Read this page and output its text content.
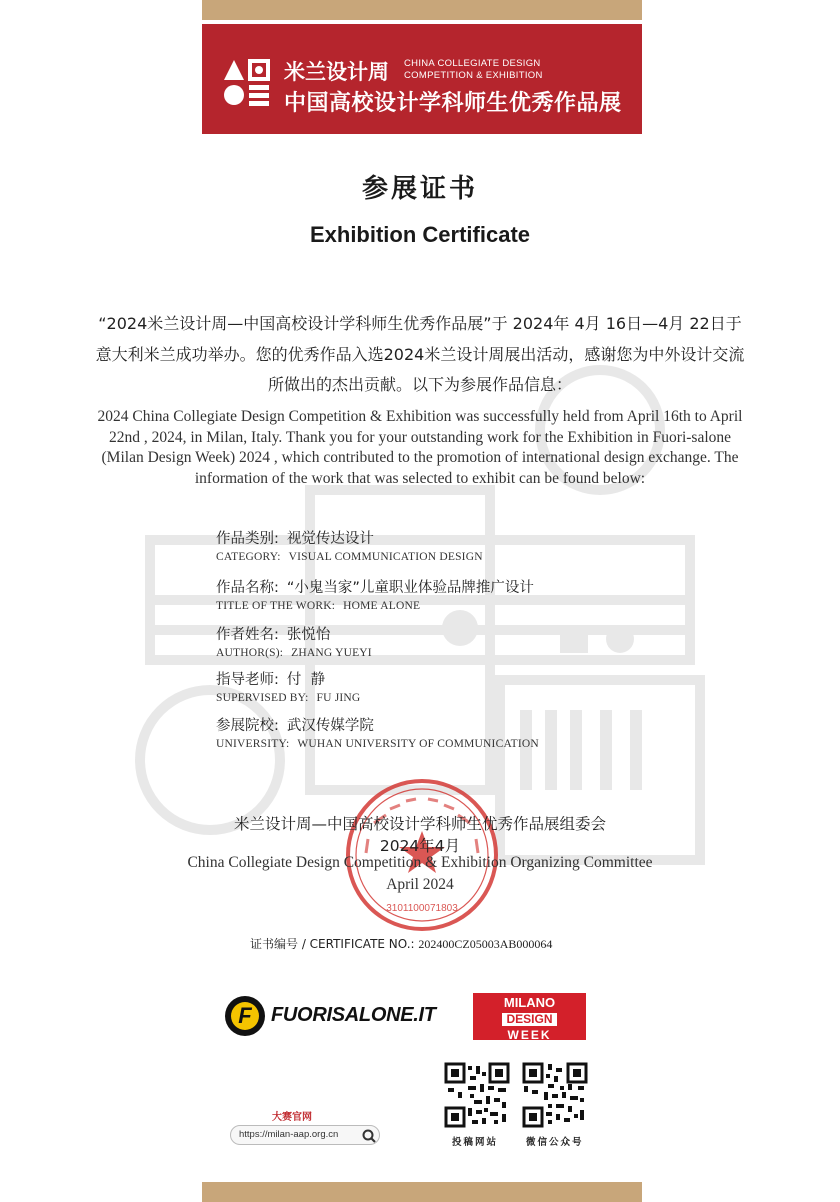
米兰设计周 CHINA COLLEGIATE DESIGN
COMPETITION & EXHIBITION
中国高校设计学科师生优秀作品展
参展证书
Exhibition Certificate
“2024米兰设计周—中国高校设计学科师生优秀作品展”于 2024年 4月 16日—4月 22日于意大利米兰成功举办。您的优秀作品入选2024米兰设计周展出活动，感谢您为中外设计交流所做出的杰出贡献。以下为参展作品信息：
2024 China Collegiate Design Competition & Exhibition was successfully held from April 16th to April 22nd , 2024, in Milan, Italy. Thank you for your outstanding work for the Exhibition in Fuori-salone (Milan Design Week) 2024 , which contributed to the promotion of international design exchange. The information of the work that was selected to exhibit can be found below:
作品类别: 视觉传达设计
CATEGORY: VISUAL COMMUNICATION DESIGN
作品名称: “小鬼当家”儿童职业体验品牌推广设计
TITLE OF THE WORK: HOME ALONE
作者姓名: 张悦怡
AUTHOR(S): ZHANG YUEYI
指导老师: 付  静
SUPERVISED BY: FU JING
参展院校: 武汉传媒学院
UNIVERSITY: WUHAN UNIVERSITY OF COMMUNICATION
3101100071803
米兰设计周—中国高校设计学科师生优秀作品展组委会
2024年4月
China Collegiate Design Competition & Exhibition Organizing Committee
April 2024
证书编号 / CERTIFICATE NO.: 202400CZ05003AB000064
F FUORISALONE.IT
MILANO
DESIGN
WEEK
大赛官网
https://milan-aap.org.cn
投稿网站	微信公众号
